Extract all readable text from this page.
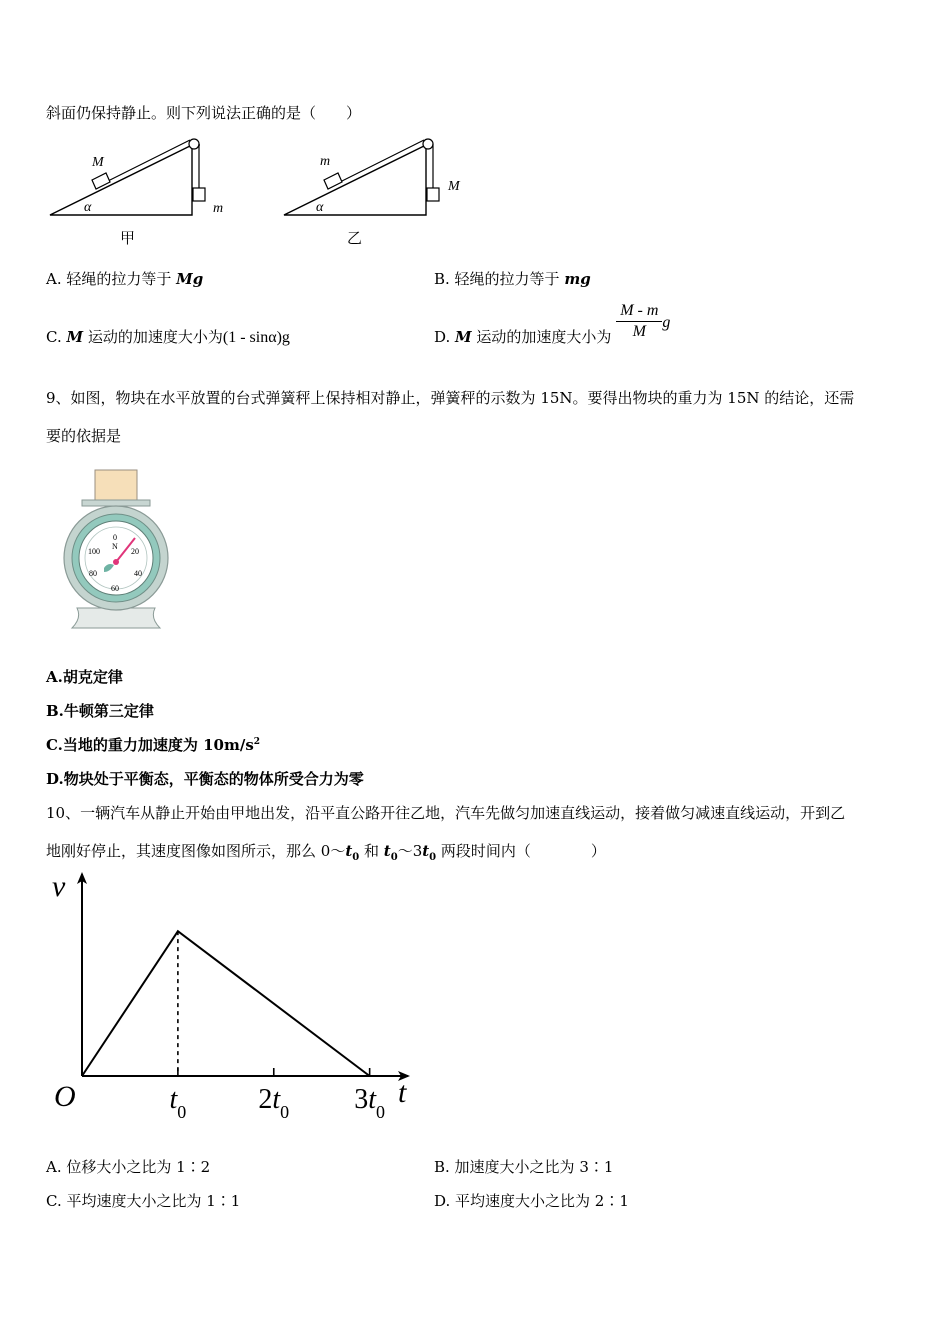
斜面仍保持静止。则下列说法正确的是（　　）
M
m
α
甲
m
M
α
乙
A. 轻绳的拉力等于 Mg	B. 轻绳的拉力等于 mg
C. M 运动的加速度大小为(1 - sinα)g	D. M 运动的加速度大小为 $\frac{M - m}{M}$ g
9、如图，物块在水平放置的台式弹簧秤上保持相对静止，弹簧秤的示数为 15N。要得出物块的重力为 15N 的结论，还需
要的依据是
0
N
20
40
60
80
100
A.胡克定律
B.牛顿第三定律
C.当地的重力加速度为 $10m/s^2$
D.物块处于平衡态，平衡态的物体所受合力为零
10、一辆汽车从静止开始由甲地出发，沿平直公路开往乙地，汽车先做匀加速直线运动，接着做匀减速直线运动，开到乙
地刚好停止，其速度图像如图所示，那么 $0\sim t_0$ 和 $t_0\sim 3t_0$ 两段时间内（　　　　）
v
t
O	$t_0$	$2t_0$ $3t_0$
A. 位移大小之比为 1∶2	B. 加速度大小之比为 3∶1
C. 平均速度大小之比为 1∶1	D. 平均速度大小之比为 2∶1
